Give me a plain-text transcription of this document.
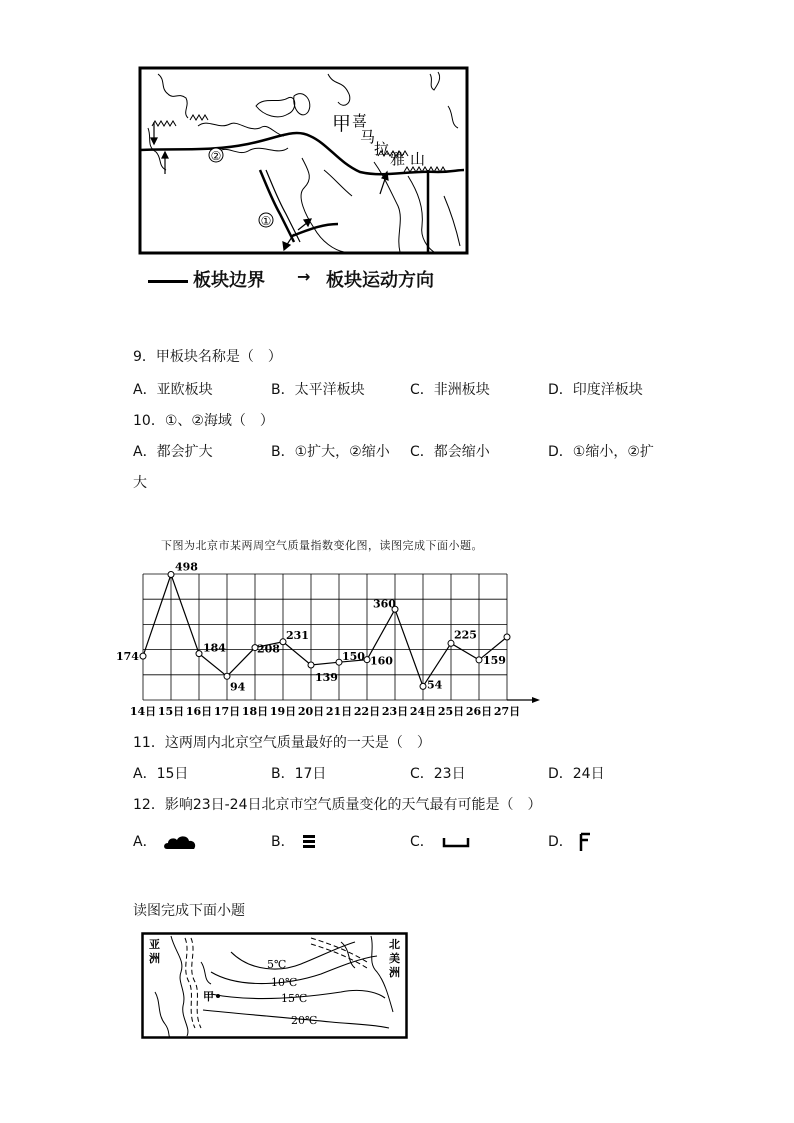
②
①
甲 喜
马
拉
雅 山
板块边界 → 板块运动方向
9．甲板块名称是（　）
A．亚欧板块	B．太平洋板块	C．非洲板块	D．印度洋板块
10．①、②海域（　）
A．都会扩大	B．①扩大，②缩小 C．都会缩小	D．①缩小，②扩
大
下图为北京市某两周空气质量指数变化图，读图完成下面小题。
174
498
184
94
208
231
139
150 160
360
54
225
159
14日 15日 16日 17日 18日 19日 20日 21日 22日 23日 24日 25日 26日 27日
11．这两周内北京空气质量最好的一天是（　）
A．15日	B．17日	C．23日	D．24日
12．影响23日-24日北京市空气质量变化的天气最有可能是（　）
A．	B．	C．	D．
读图完成下面小题
甲
亚
洲
北
美
洲
5℃
10℃
15℃
20℃
